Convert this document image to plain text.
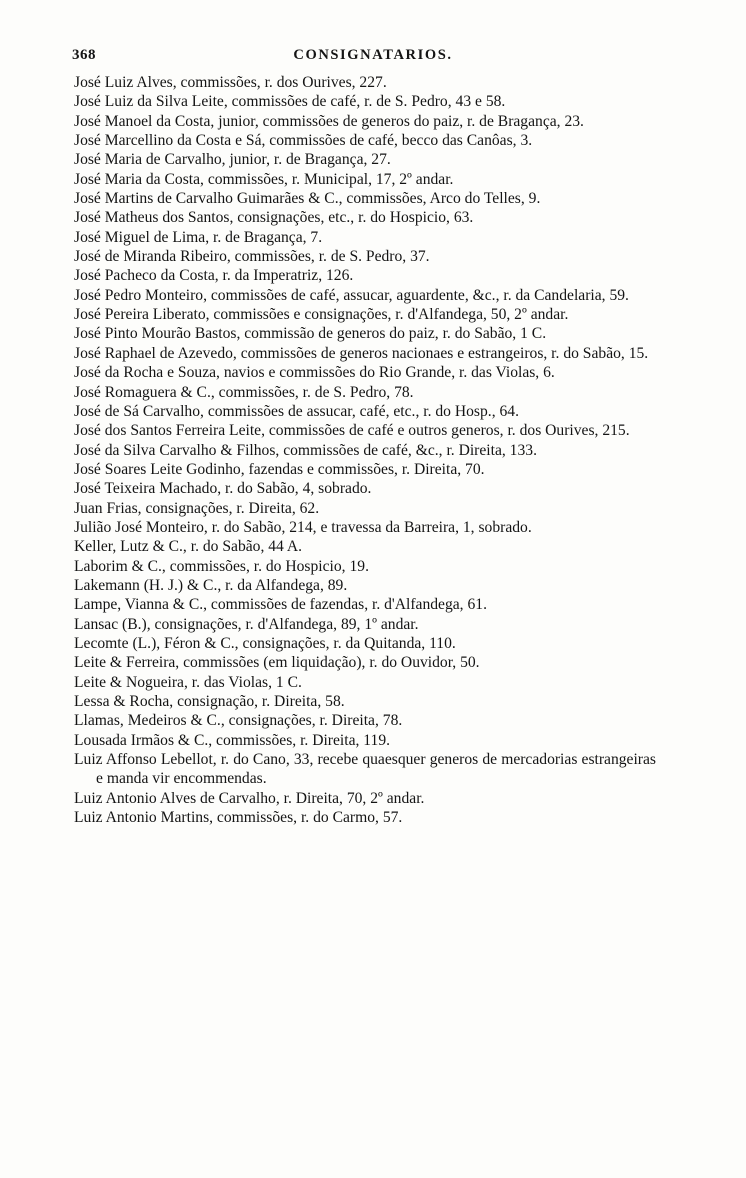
368	CONSIGNATARIOS.
José Luiz Alves, commissões, r. dos Ourives, 227.
José Luiz da Silva Leite, commissões de café, r. de S. Pedro, 43 e 58.
José Manoel da Costa, junior, commissões de generos do paiz, r. de Bragança, 23.
José Marcellino da Costa e Sá, commissões de café, becco das Canôas, 3.
José Maria de Carvalho, junior, r. de Bragança, 27.
José Maria da Costa, commissões, r. Municipal, 17, 2º andar.
José Martins de Carvalho Guimarães & C., commissões, Arco do Telles, 9.
José Matheus dos Santos, consignações, etc., r. do Hospicio, 63.
José Miguel de Lima, r. de Bragança, 7.
José de Miranda Ribeiro, commissões, r. de S. Pedro, 37.
José Pacheco da Costa, r. da Imperatriz, 126.
José Pedro Monteiro, commissões de café, assucar, aguardente, &c., r. da Candelaria, 59.
José Pereira Liberato, commissões e consignações, r. d'Alfandega, 50, 2º andar.
José Pinto Mourão Bastos, commissão de generos do paiz, r. do Sabão, 1 C.
José Raphael de Azevedo, commissões de generos nacionaes e estrangeiros, r. do Sabão, 15.
José da Rocha e Souza, navios e commissões do Rio Grande, r. das Violas, 6.
José Romaguera & C., commissões, r. de S. Pedro, 78.
José de Sá Carvalho, commissões de assucar, café, etc., r. do Hosp., 64.
José dos Santos Ferreira Leite, commissões de café e outros generos, r. dos Ourives, 215.
José da Silva Carvalho & Filhos, commissões de café, &c., r. Direita, 133.
José Soares Leite Godinho, fazendas e commissões, r. Direita, 70.
José Teixeira Machado, r. do Sabão, 4, sobrado.
Juan Frias, consignações, r. Direita, 62.
Julião José Monteiro, r. do Sabão, 214, e travessa da Barreira, 1, sobrado.
Keller, Lutz & C., r. do Sabão, 44 A.
Laborim & C., commissões, r. do Hospicio, 19.
Lakemann (H. J.) & C., r. da Alfandega, 89.
Lampe, Vianna & C., commissões de fazendas, r. d'Alfandega, 61.
Lansac (B.), consignações, r. d'Alfandega, 89, 1º andar.
Lecomte (L.), Féron & C., consignações, r. da Quitanda, 110.
Leite & Ferreira, commissões (em liquidação), r. do Ouvidor, 50.
Leite & Nogueira, r. das Violas, 1 C.
Lessa & Rocha, consignação, r. Direita, 58.
Llamas, Medeiros & C., consignações, r. Direita, 78.
Lousada Irmãos & C., commissões, r. Direita, 119.
Luiz Affonso Lebellot, r. do Cano, 33, recebe quaesquer generos de mercadorias estrangeiras e manda vir encommendas.
Luiz Antonio Alves de Carvalho, r. Direita, 70, 2º andar.
Luiz Antonio Martins, commissões, r. do Carmo, 57.
